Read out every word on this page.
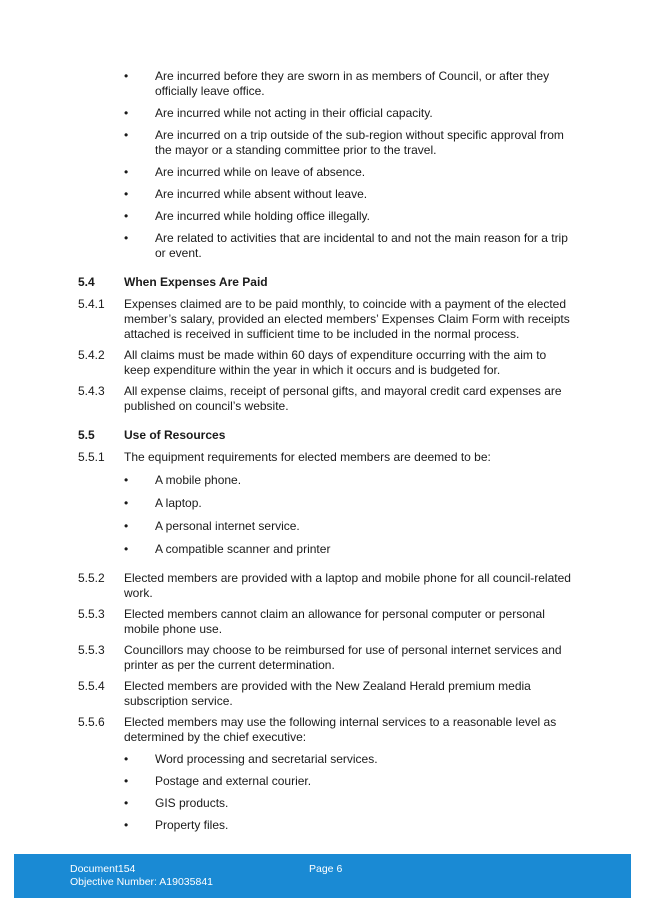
• Are incurred before they are sworn in as members of Council, or after they officially leave office.
• Are incurred while not acting in their official capacity.
• Are incurred on a trip outside of the sub-region without specific approval from the mayor or a standing committee prior to the travel.
• Are incurred while on leave of absence.
• Are incurred while absent without leave.
• Are incurred while holding office illegally.
• Are related to activities that are incidental to and not the main reason for a trip or event.
5.4	When Expenses Are Paid
5.4.1	Expenses claimed are to be paid monthly, to coincide with a payment of the elected member’s salary, provided an elected members’ Expenses Claim Form with receipts attached is received in sufficient time to be included in the normal process.
5.4.2	All claims must be made within 60 days of expenditure occurring with the aim to keep expenditure within the year in which it occurs and is budgeted for.
5.4.3	All expense claims, receipt of personal gifts, and mayoral credit card expenses are published on council’s website.
5.5	Use of Resources
5.5.1	The equipment requirements for elected members are deemed to be:
• A mobile phone.
• A laptop.
• A personal internet service.
• A compatible scanner and printer
5.5.2	Elected members are provided with a laptop and mobile phone for all council-related work.
5.5.3	Elected members cannot claim an allowance for personal computer or personal mobile phone use.
5.5.3	Councillors may choose to be reimbursed for use of personal internet services and printer as per the current determination.
5.5.4	Elected members are provided with the New Zealand Herald premium media subscription service.
5.5.6	Elected members may use the following internal services to a reasonable level as determined by the chief executive:
• Word processing and secretarial services.
• Postage and external courier.
• GIS products.
• Property files.
Document154
Objective Number: A19035841
Page 6
